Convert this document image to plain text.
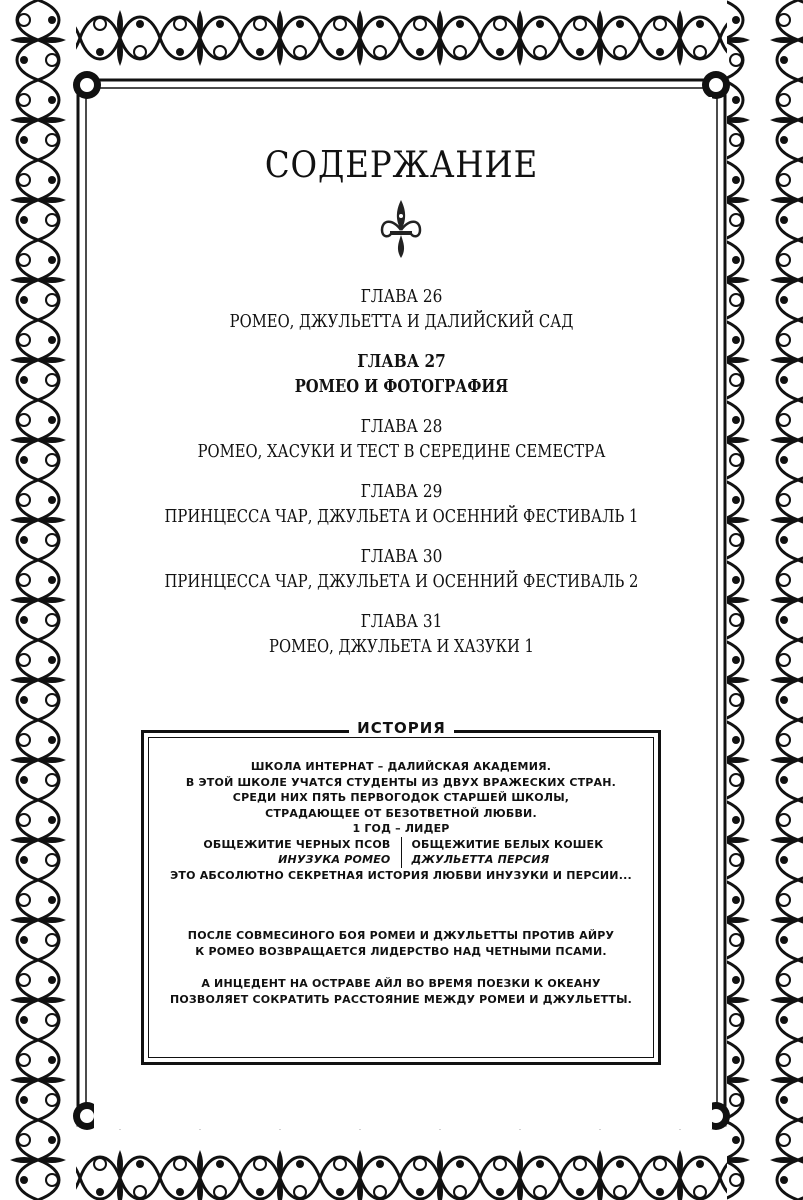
СОДЕРЖАНИЕ
ГЛАВА 26
РОМЕО, ДЖУЛЬЕТТА И ДАЛИЙСКИЙ САД
ГЛАВА 27
РОМЕО И ФОТОГРАФИЯ
ГЛАВА 28
РОМЕО, ХАСУКИ И ТЕСТ В СЕРЕДИНЕ СЕМЕСТРА
ГЛАВА 29
ПРИНЦЕССА ЧАР, ДЖУЛЬЕТА И ОСЕННИЙ ФЕСТИВАЛЬ 1
ГЛАВА 30
ПРИНЦЕССА ЧАР, ДЖУЛЬЕТА И ОСЕННИЙ ФЕСТИВАЛЬ 2
ГЛАВА 31
РОМЕО, ДЖУЛЬЕТА И ХАЗУКИ 1
ИСТОРИЯ

ШКОЛА ИНТЕРНАТ – ДАЛИЙСКАЯ АКАДЕМИЯ.

В ЭТОЙ ШКОЛЕ УЧАТСЯ СТУДЕНТЫ ИЗ ДВУХ ВРАЖЕСКИХ СТРАН.

СРЕДИ НИХ ПЯТЬ ПЕРВОГОДОК СТАРШЕЙ ШКОЛЫ,

СТРАДАЮЩЕЕ ОТ БЕЗОТВЕТНОЙ ЛЮБВИ.

1 ГОД – ЛИДЕР

ОБЩЕЖИТИЕ ЧЕРНЫХ ПСОВ
ИНУЗУКА РОМЕО
ОБЩЕЖИТИЕ БЕЛЫХ КОШЕК
ДЖУЛЬЕТТА ПЕРСИЯ

ЭТО АБСОЛЮТНО СЕКРЕТНАЯ ИСТОРИЯ ЛЮБВИ ИНУЗУКИ И ПЕРСИИ...

ПОСЛЕ СОВМЕСИНОГО БОЯ РОМЕИ И ДЖУЛЬЕТТЫ ПРОТИВ АЙРУ

К РОМЕО ВОЗВРАЩАЕТСЯ ЛИДЕРСТВО НАД ЧЕТНЫМИ ПСАМИ.

А ИНЦЕДЕНТ НА ОСТРАВЕ АЙЛ ВО ВРЕМЯ ПОЕЗКИ К ОКЕАНУ

ПОЗВОЛЯЕТ СОКРАТИТЬ РАССТОЯНИЕ МЕЖДУ РОМЕИ И ДЖУЛЬЕТТЫ.
